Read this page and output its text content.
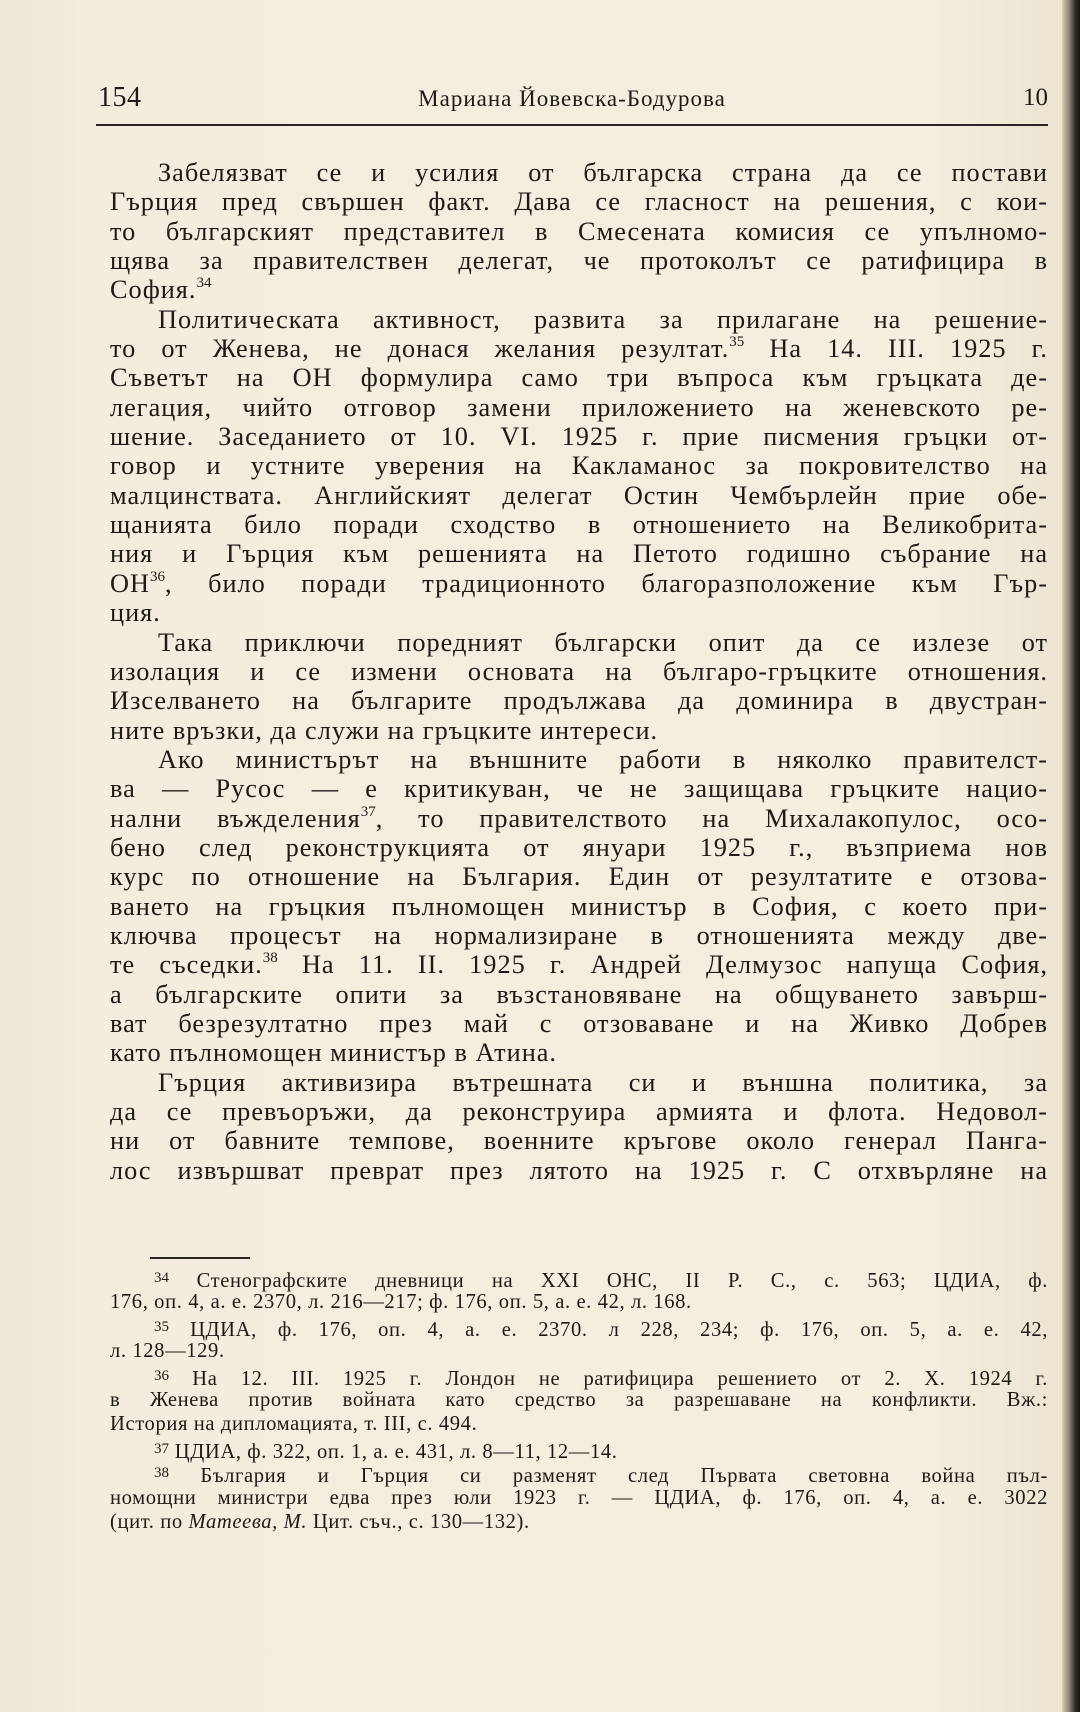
154	Мариана Йовевска-Бодурова	10
Забелязват се и усилия от българска страна да се постави
Гърция пред свършен факт. Дава се гласност на решения, с кои-
то българският представител в Смесената комисия се упълномо-
щява за правителствен делегат, че протоколът се ратифицира в
София.$^{34}$
Политическата активност, развита за прилагане на решение-
то от Женева, не донася желания резултат.$^{35}$ На 14. III. 1925 г.
Съветът на ОН формулира само три въпроса към гръцката де-
легация, чийто отговор замени приложението на женевското ре-
шение. Заседанието от 10. VI. 1925 г. прие писмения гръцки от-
говор и устните уверения на Какламанос за покровителство на
малцинствата. Английският делегат Остин Чембърлейн прие обе-
щанията било поради сходство в отношението на Великобрита-
ния и Гърция към решенията на Петото годишно събрание на
ОН$^{36}$, било поради традиционното благоразположение към Гър-
ция.
Така приключи поредният български опит да се излезе от
изолация и се измени основата на българо-гръцките отношения.
Изселването на българите продължава да доминира в двустран-
ните връзки, да служи на гръцките интереси.
Ако министърът на външните работи в няколко правителст-
ва — Русос — е критикуван, че не защищава гръцките нацио-
нални въжделения$^{37}$, то правителството на Михалакопулос, осо-
бено след реконструкцията от януари 1925 г., възприема нов
курс по отношение на България. Един от резултатите е отзова-
ването на гръцкия пълномощен министър в София, с което при-
ключва процесът на нормализиране в отношенията между две-
те съседки.$^{38}$ На 11. II. 1925 г. Андрей Делмузос напуща София,
а българските опити за възстановяване на общуването завърш-
ват безрезултатно през май с отзоваване и на Живко Добрев
като пълномощен министър в Атина.
Гърция активизира вътрешната си и външна политика, за
да се превъоръжи, да реконструира армията и флота. Недовол-
ни от бавните темпове, военните кръгове около генерал Панга-
лос извършват преврат през лятото на 1925 г. С отхвърляне на
$^{34}$ Стенографските дневници на XXI ОНС, II Р. С., с. 563; ЦДИА, ф.
176, оп. 4, а. е. 2370, л. 216—217; ф. 176, оп. 5, а. е. 42, л. 168.
$^{35}$ ЦДИА, ф. 176, оп. 4, а. е. 2370. л 228, 234; ф. 176, оп. 5, а. е. 42,
л. 128—129.
$^{36}$ На 12. III. 1925 г. Лондон не ратифицира решението от 2. X. 1924 г.
в Женева против войната като средство за разрешаване на конфликти. Вж.:
История на дипломацията, т. III, с. 494.
$^{37}$ ЦДИА, ф. 322, оп. 1, а. е. 431, л. 8—11, 12—14.
$^{38}$ България и Гърция си разменят след Първата световна война пъл-
номощни министри едва през юли 1923 г. — ЦДИА, ф. 176, оп. 4, а. е. 3022
(цит. по Матеева, М. Цит. съч., с. 130—132).
